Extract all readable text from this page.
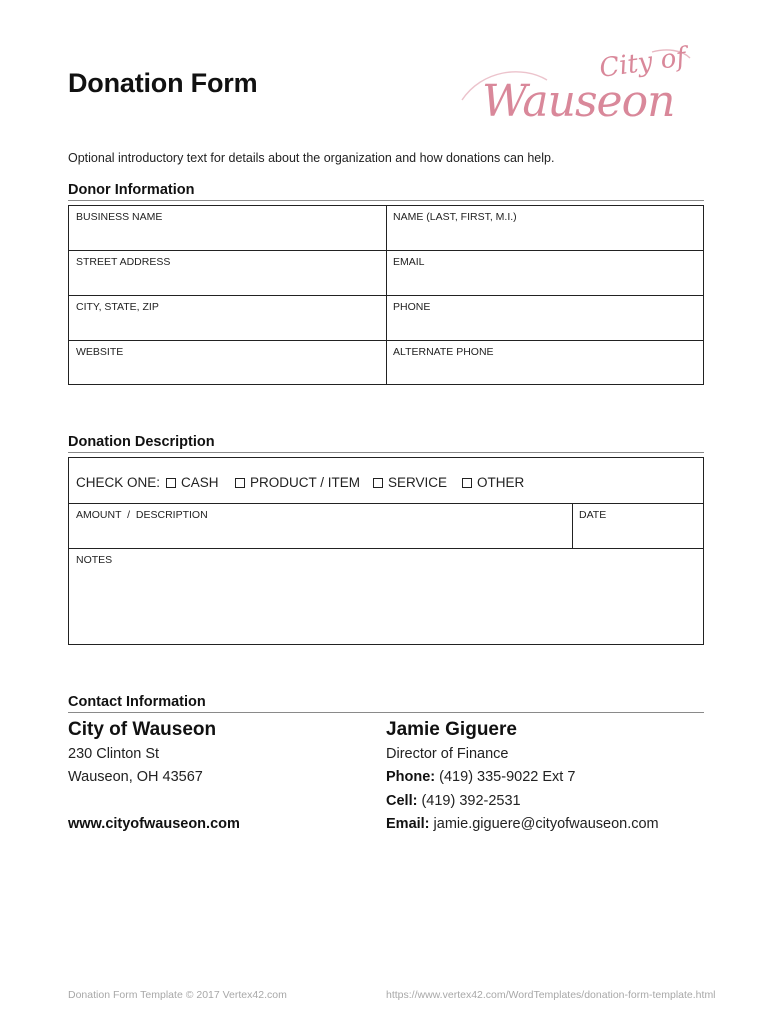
Donation Form	City of
Wauseon
Optional introductory text for details about the organization and how donations can help.
Donor Information
BUSINESS NAME	NAME (LAST, FIRST, M.I.)
STREET ADDRESS	EMAIL
CITY, STATE, ZIP	PHONE
WEBSITE	ALTERNATE PHONE
Donation Description
AMOUNT  /  DESCRIPTION	DATE
NOTES
CHECK ONE: CASH PRODUCT / ITEM SERVICE OTHER
Contact Information
City of Wauseon
230 Clinton St
Wauseon, OH 43567
www.cityofwauseon.com
Jamie Giguere
Director of Finance
Phone: (419) 335-9022 Ext 7
Cell: (419) 392-2531
Email: jamie.giguere@cityofwauseon.com
Donation Form Template © 2017 Vertex42.com	https://www.vertex42.com/WordTemplates/donation-form-template.html
